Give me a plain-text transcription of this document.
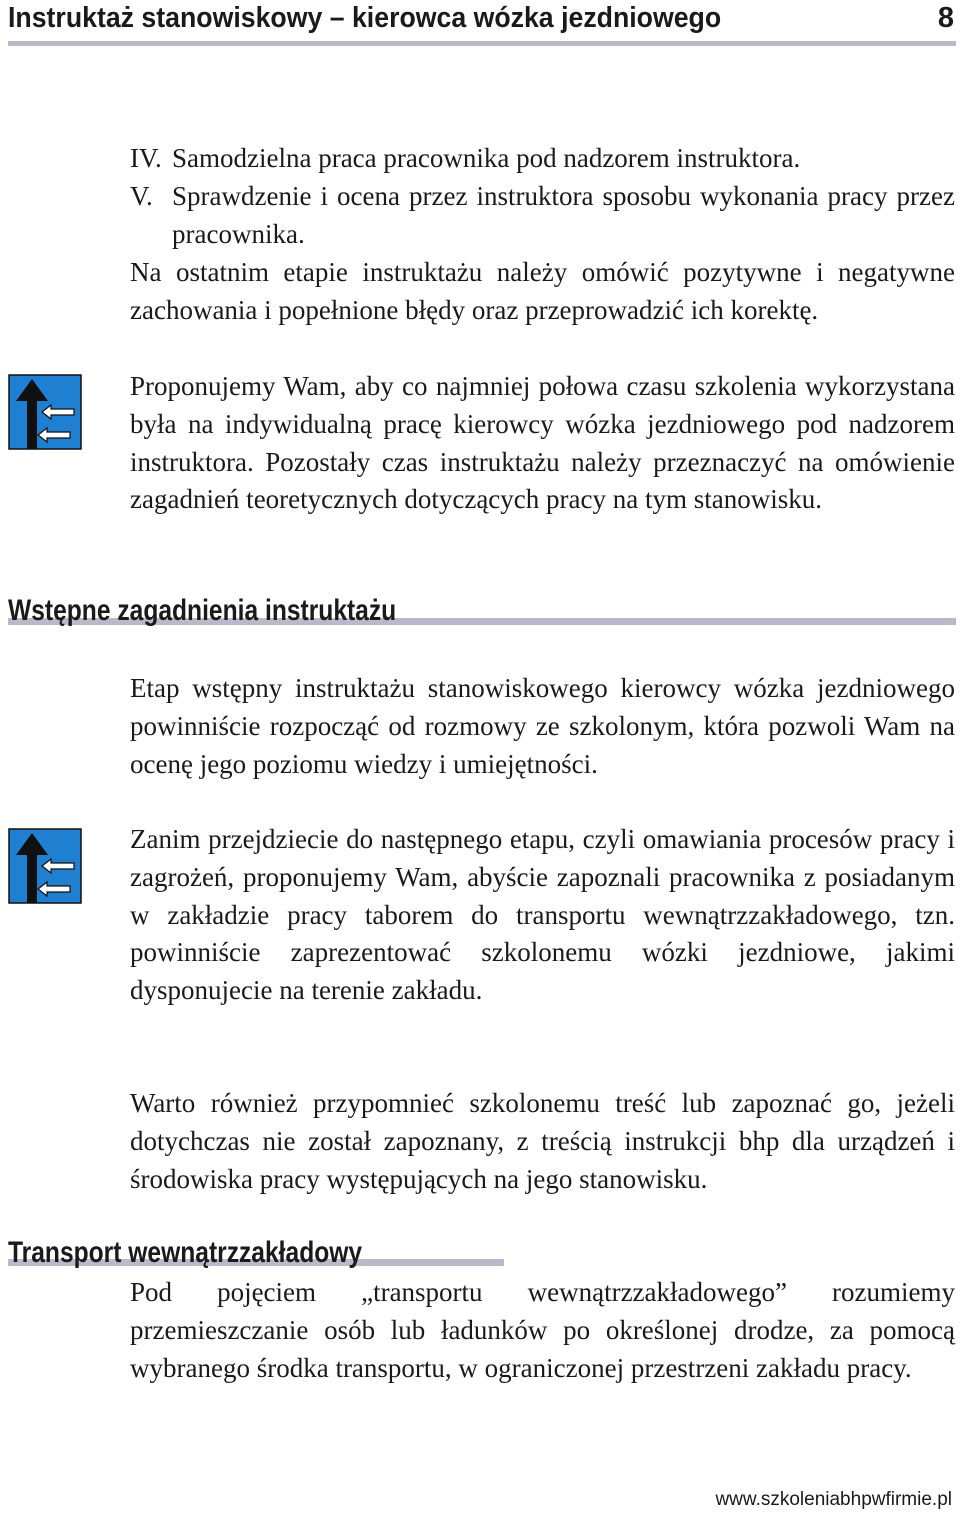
Instruktaż stanowiskowy – kierowca wózka jezdniowego	8
IV. Samodzielna praca pracownika pod nadzorem instruktora.
V. Sprawdzenie i ocena przez instruktora sposobu wykonania pracy przez pracownika.
Na ostatnim etapie instruktażu należy omówić pozytywne i negatywne zachowania i popełnione błędy oraz przeprowadzić ich korektę.
Proponujemy Wam, aby co najmniej połowa czasu szkolenia wykorzystana była na indywidualną pracę kierowcy wózka jezdniowego pod nadzorem instruktora. Pozostały czas instruktażu należy przeznaczyć na omówienie zagadnień teoretycznych dotyczących pracy na tym stanowisku.
Wstępne zagadnienia instruktażu
Etap wstępny instruktażu stanowiskowego kierowcy wózka jezdniowego powinniście rozpocząć od rozmowy ze szkolonym, która pozwoli Wam na ocenę jego poziomu wiedzy i umiejętności.
Zanim przejdziecie do następnego etapu, czyli omawiania procesów pracy i zagrożeń, proponujemy Wam, abyście zapoznali pracownika z posiadanym w zakładzie pracy taborem do transportu wewnątrzzakładowego, tzn. powinniście zaprezentować szkolonemu wózki jezdniowe, jakimi dysponujecie na terenie zakładu.
Warto również przypomnieć szkolonemu treść lub zapoznać go, jeżeli dotychczas nie został zapoznany, z treścią instrukcji bhp dla urządzeń i środowiska pracy występujących na jego stanowisku.
Transport wewnątrzzakładowy
Pod pojęciem „transportu wewnątrzzakładowego” rozumiemy przemieszczanie osób lub ładunków po określonej drodze, za pomocą wybranego środka transportu, w ograniczonej przestrzeni zakładu pracy.
www.szkoleniabhpwfirmie.pl
